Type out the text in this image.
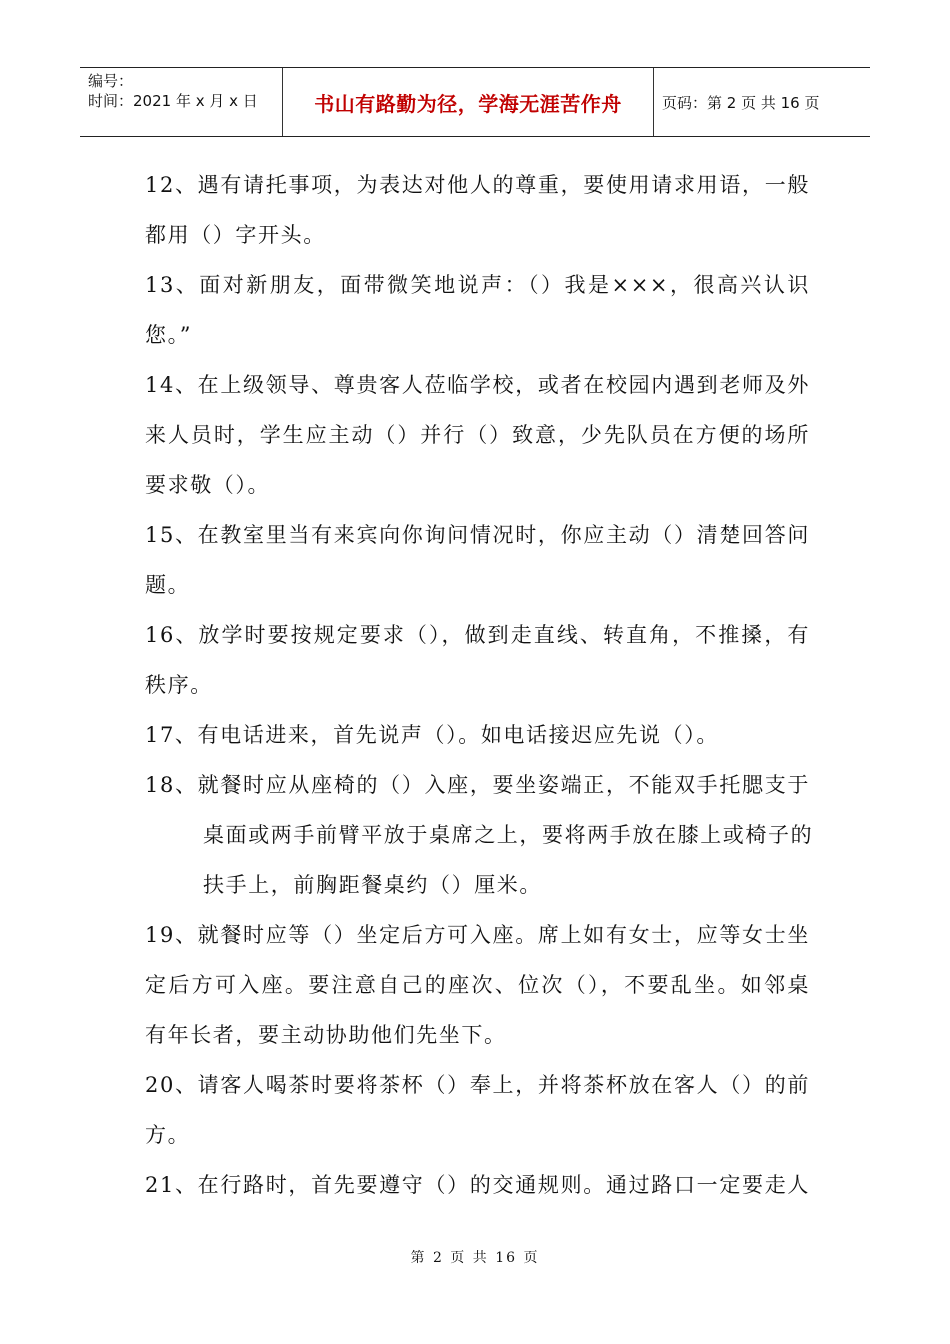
编号：
时间：2021 年 x 月 x 日	书山有路勤为径，学海无涯苦作舟	页码：第 2 页 共 16 页
12、遇有请托事项，为表达对他人的尊重，要使用请求用语，一般
都用（）字开头。
13、面对新朋友，面带微笑地说声：（）我是×××，很高兴认识
您。”
14、在上级领导、尊贵客人莅临学校，或者在校园内遇到老师及外
来人员时，学生应主动（）并行（）致意，少先队员在方便的场所
要求敬（）。
15、在教室里当有来宾向你询问情况时，你应主动（）清楚回答问
题。
16、放学时要按规定要求（），做到走直线、转直角，不推搡，有
秩序。
17、有电话进来，首先说声（）。如电话接迟应先说（）。
18、就餐时应从座椅的（）入座，要坐姿端正，不能双手托腮支于
桌面或两手前臂平放于桌席之上，要将两手放在膝上或椅子的
扶手上，前胸距餐桌约（）厘米。
19、就餐时应等（）坐定后方可入座。席上如有女士，应等女士坐
定后方可入座。要注意自己的座次、位次（），不要乱坐。如邻桌
有年长者，要主动协助他们先坐下。
20、请客人喝茶时要将茶杯（）奉上，并将茶杯放在客人（）的前
方。
21、在行路时，首先要遵守（）的交通规则。通过路口一定要走人
第 2 页 共 16 页
